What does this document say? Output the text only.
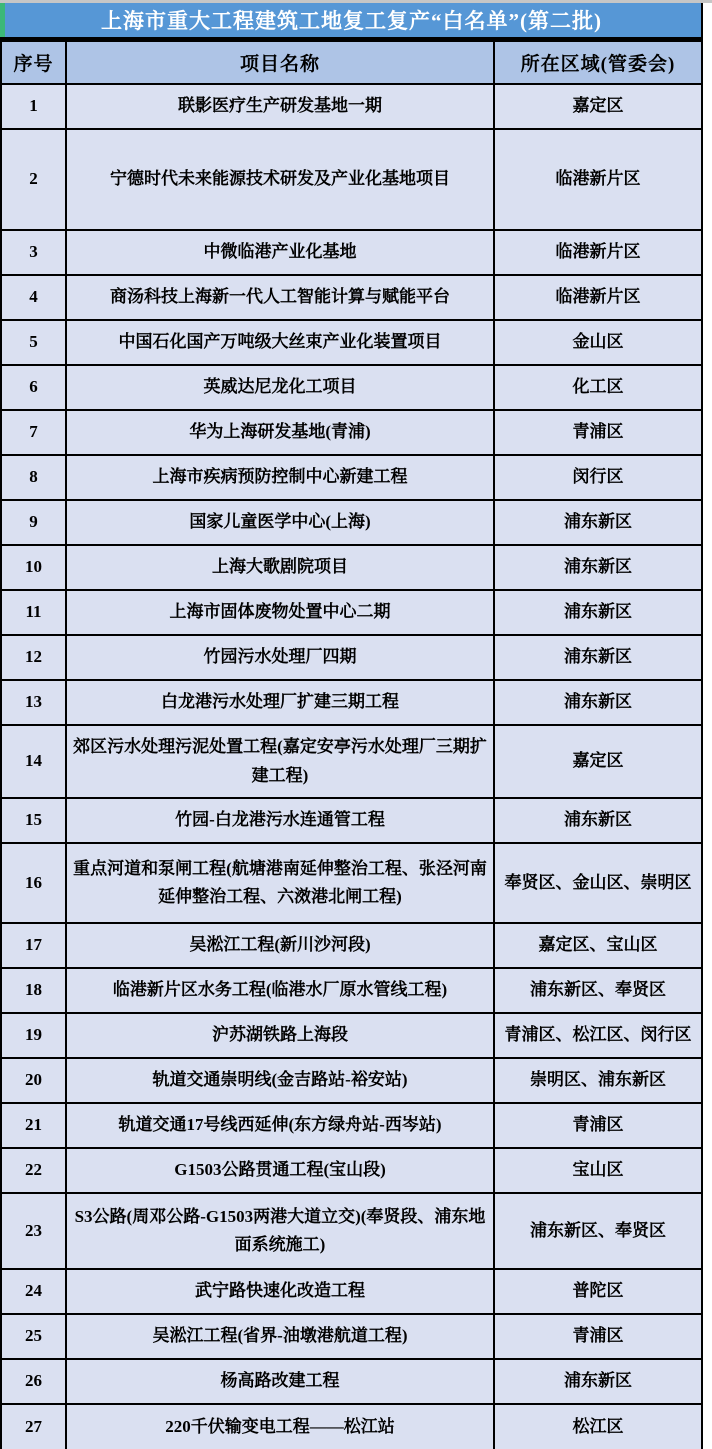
上海市重大工程建筑工地复工复产“白名单”(第二批)
序号	项目名称	所在区域(管委会)
1	联影医疗生产研发基地一期	嘉定区
2	宁德时代未来能源技术研发及产业化基地项目	临港新片区
3	中微临港产业化基地	临港新片区
4	商汤科技上海新一代人工智能计算与赋能平台	临港新片区
5	中国石化国产万吨级大丝束产业化装置项目	金山区
6	英威达尼龙化工项目	化工区
7	华为上海研发基地(青浦)	青浦区
8	上海市疾病预防控制中心新建工程	闵行区
9	国家儿童医学中心(上海)	浦东新区
10	上海大歌剧院项目	浦东新区
11	上海市固体废物处置中心二期	浦东新区
12	竹园污水处理厂四期	浦东新区
13	白龙港污水处理厂扩建三期工程	浦东新区
14	郊区污水处理污泥处置工程(嘉定安亭污水处理厂三期扩建工程)	嘉定区
15	竹园-白龙港污水连通管工程	浦东新区
16	重点河道和泵闸工程(航塘港南延伸整治工程、张泾河南延伸整治工程、六滧港北闸工程)	奉贤区、金山区、崇明区
17	吴淞江工程(新川沙河段)	嘉定区、宝山区
18	临港新片区水务工程(临港水厂原水管线工程)	浦东新区、奉贤区
19	沪苏湖铁路上海段	青浦区、松江区、闵行区
20	轨道交通崇明线(金吉路站-裕安站)	崇明区、浦东新区
21	轨道交通17号线西延伸(东方绿舟站-西岑站)	青浦区
22	G1503公路贯通工程(宝山段)	宝山区
23	S3公路(周邓公路-G1503两港大道立交)(奉贤段、浦东地面系统施工)	浦东新区、奉贤区
24	武宁路快速化改造工程	普陀区
25	吴淞江工程(省界-油墩港航道工程)	青浦区
26	杨高路改建工程	浦东新区
27	220千伏输变电工程——松江站	松江区
